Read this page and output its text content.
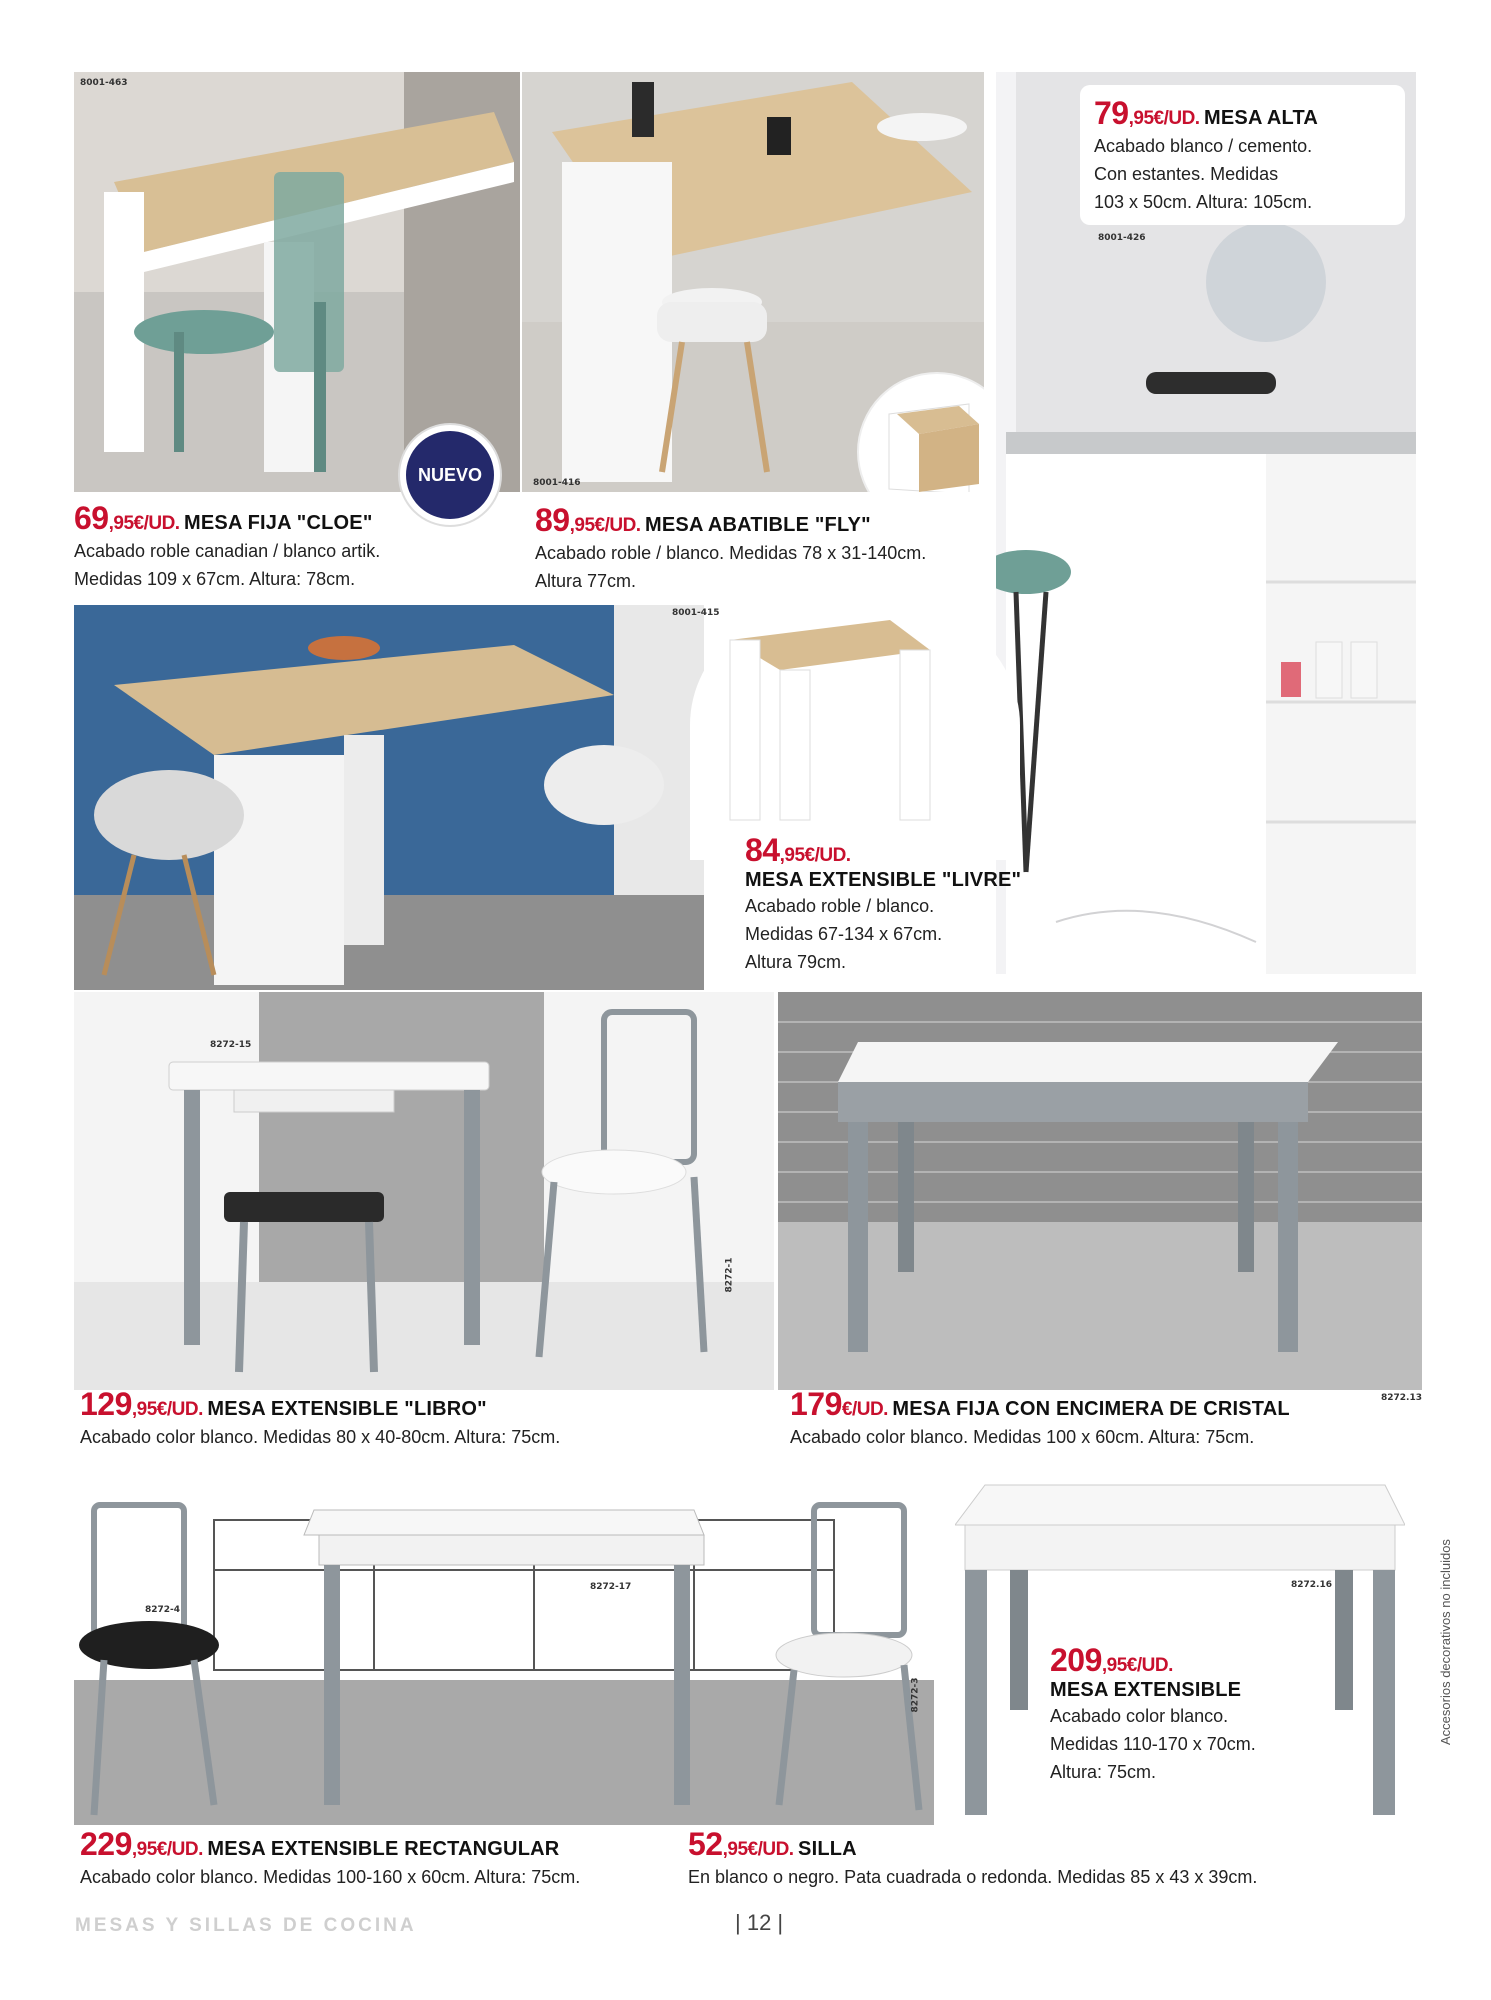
8001-463
8001-416
NUEVO
79,95€/UD. MESA ALTA
Acabado blanco / cemento.
Con estantes. Medidas
103 x 50cm. Altura: 105cm.
8001-426
69,95€/UD. MESA FIJA "CLOE"
Acabado roble canadian / blanco artik.
Medidas 109 x 67cm. Altura: 78cm.
89,95€/UD. MESA ABATIBLE "FLY"
Acabado roble / blanco. Medidas 78 x 31-140cm.
Altura 77cm.
8001-415
84,95€/UD.
MESA EXTENSIBLE "LIVRE"
Acabado roble / blanco.
Medidas 67-134 x 67cm.
Altura 79cm.
8272-15
8272-1
8272.13
129,95€/UD. MESA EXTENSIBLE "LIBRO"
Acabado color blanco. Medidas 80 x 40-80cm. Altura: 75cm.
179€/UD. MESA FIJA CON ENCIMERA DE CRISTAL
Acabado color blanco. Medidas 100 x 60cm. Altura: 75cm.
8272-17
8272-4
8272-3
8272.16
209,95€/UD.
MESA EXTENSIBLE
Acabado color blanco.
Medidas 110-170 x 70cm.
Altura: 75cm.
229,95€/UD. MESA EXTENSIBLE RECTANGULAR
Acabado color blanco. Medidas 100-160 x 60cm. Altura: 75cm.
52,95€/UD. SILLA
En blanco o negro. Pata cuadrada o redonda. Medidas 85 x 43 x 39cm.
Accesorios decorativos no incluidos
MESAS Y SILLAS DE COCINA	| 12 |
